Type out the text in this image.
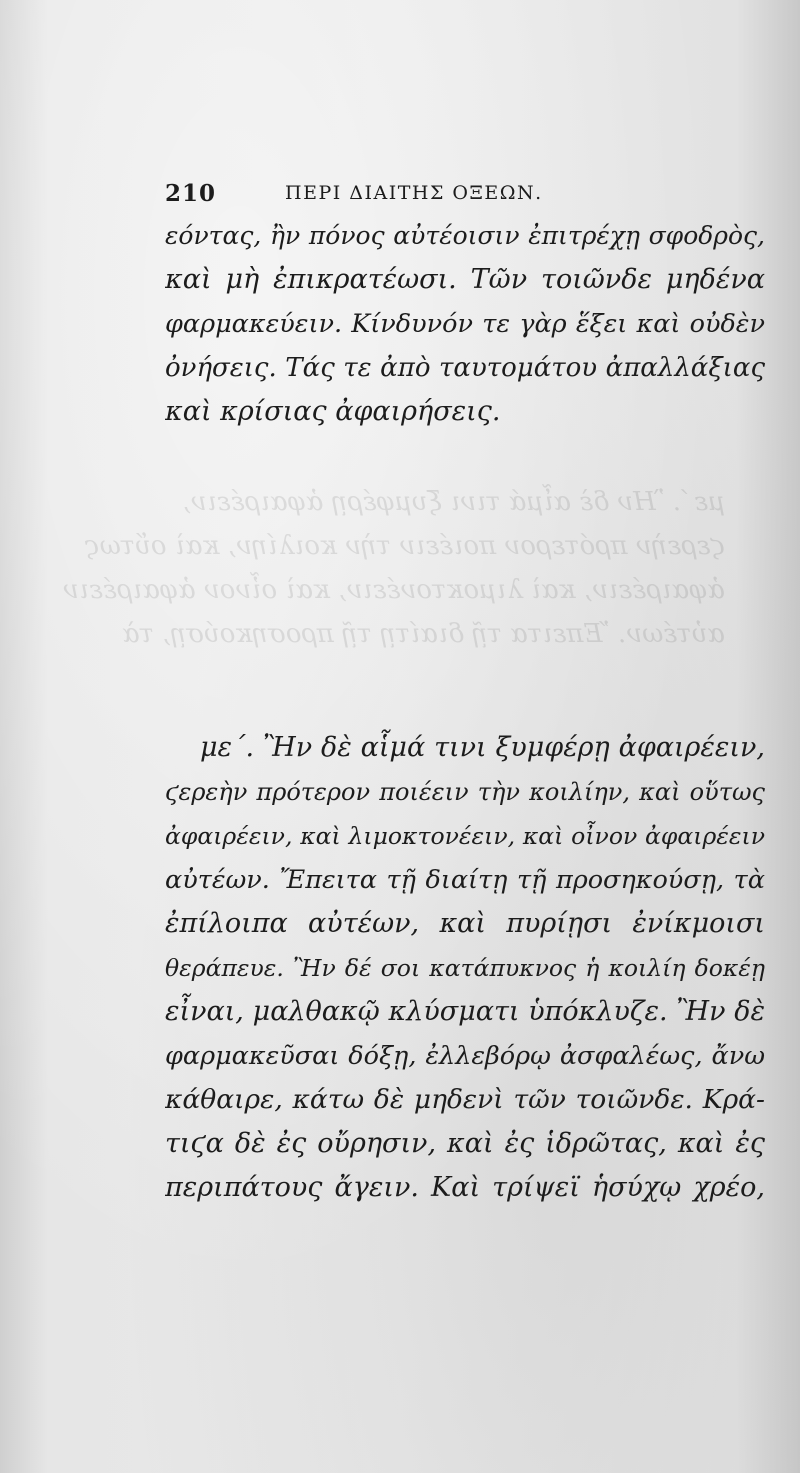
210	ΠΕΡΙ ΔΙΑΙΤΗΣ ΟΞΕΩΝ.
εόντας, ἢν πόνος αὐτέοισιν ἐπιτρέχῃ σφοδρὸς,
καὶ μὴ ἐπικρατέωσι. Τῶν τοιῶνδε μηδένα
φαρμακεύειν. Κίνδυνόν τε γὰρ ἕξει καὶ οὐδὲν
ὀνήσεις. Τάς τε ἀπὸ ταυτομάτου ἀπαλλάξιας
καὶ κρίσιας ἀφαιρήσεις.
με΄. Ἢν δὲ αἷμά τινι ξυμφέρῃ ἀφαιρέειν,
ϛερεὴν πρότερον ποιέειν τὴν κοιλίην, καὶ οὕτως
ἀφαιρέειν, καὶ λιμοκτονέειν, καὶ οἶνον ἀφαιρέειν
αὐτέων. Ἔπειτα τῇ διαίτῃ τῇ προσηκούσῃ, τὰ
με΄. Ἢν δὲ αἷμά τινι ξυμφέρῃ ἀφαιρέειν,
ϛερεὴν πρότερον ποιέειν τὴν κοιλίην, καὶ οὕτως
ἀφαιρέειν, καὶ λιμοκτονέειν, καὶ οἶνον ἀφαιρέειν
αὐτέων. Ἔπειτα τῇ διαίτῃ τῇ προσηκούσῃ, τὰ
ἐπίλοιπα αὐτέων, καὶ πυρίῃσι ἐνίκμοισι
θεράπευε. Ἢν δέ σοι κατάπυκνος ἡ κοιλίη δοκέῃ
εἶναι, μαλθακῷ κλύσματι ὑπόκλυζε. Ἢν δὲ
φαρμακεῦσαι δόξῃ, ἐλλεβόρῳ ἀσφαλέως, ἄνω
κάθαιρε, κάτω δὲ μηδενὶ τῶν τοιῶνδε. Κρά-
τιϛα δὲ ἐς οὔρησιν, καὶ ἐς ἱδρῶτας, καὶ ἐς
περιπάτους ἄγειν. Καὶ τρίψεϊ ἡσύχῳ χρέο,
